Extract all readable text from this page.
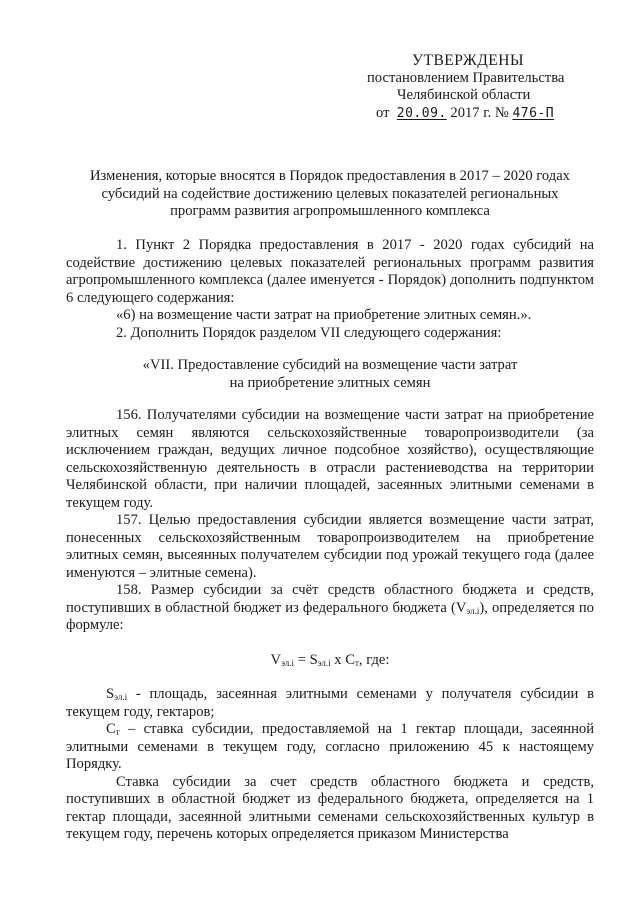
УТВЕРЖДЕНЫ
постановлением Правительства
Челябинской области
от 20.09. 2017 г. № 476-П
Изменения, которые вносятся в Порядок предоставления в 2017 – 2020 годах
субсидий на содействие достижению целевых показателей региональных
программ развития агропромышленного комплекса

1. Пункт 2 Порядка предоставления в 2017 - 2020 годах субсидий на содействие достижению целевых показателей региональных программ развития агропромышленного комплекса (далее именуется - Порядок) дополнить подпунктом 6 следующего содержания:

«6) на возмещение части затрат на приобретение элитных семян.».

2. Дополнить Порядок разделом VII следующего содержания:

«VII. Предоставление субсидий на возмещение части затрат
на приобретение элитных семян

156. Получателями субсидии на возмещение части затрат на приобретение элитных семян являются сельскохозяйственные товаропроизводители (за исключением граждан, ведущих личное подсобное хозяйство), осуществляющие сельскохозяйственную деятельность в отрасли растениеводства на территории Челябинской области, при наличии площадей, засеянных элитными семенами в текущем году.

157. Целью предоставления субсидии является возмещение части затрат, понесенных сельскохозяйственным товаропроизводителем на приобретение элитных семян, высеянных получателем субсидии под урожай текущего года (далее именуются – элитные семена).

158. Размер субсидии за счёт средств областного бюджета и средств, поступивших в областной бюджет из федерального бюджета $(V_{эл.i})$, определяется по формуле:

$V_{эл.i} = S_{эл.i}$ х $C_т$, где:

$S_{эл.i}$ - площадь, засеянная элитными семенами у получателя субсидии в текущем году, гектаров;

$С_т$ – ставка субсидии, предоставляемой на 1 гектар площади, засеянной элитными семенами в текущем году, согласно приложению 45 к настоящему Порядку.

Ставка субсидии за счет средств областного бюджета и средств, поступивших в областной бюджет из федерального бюджета, определяется на 1 гектар площади, засеянной элитными семенами сельскохозяйственных культур в текущем году, перечень которых определяется приказом Министерства
